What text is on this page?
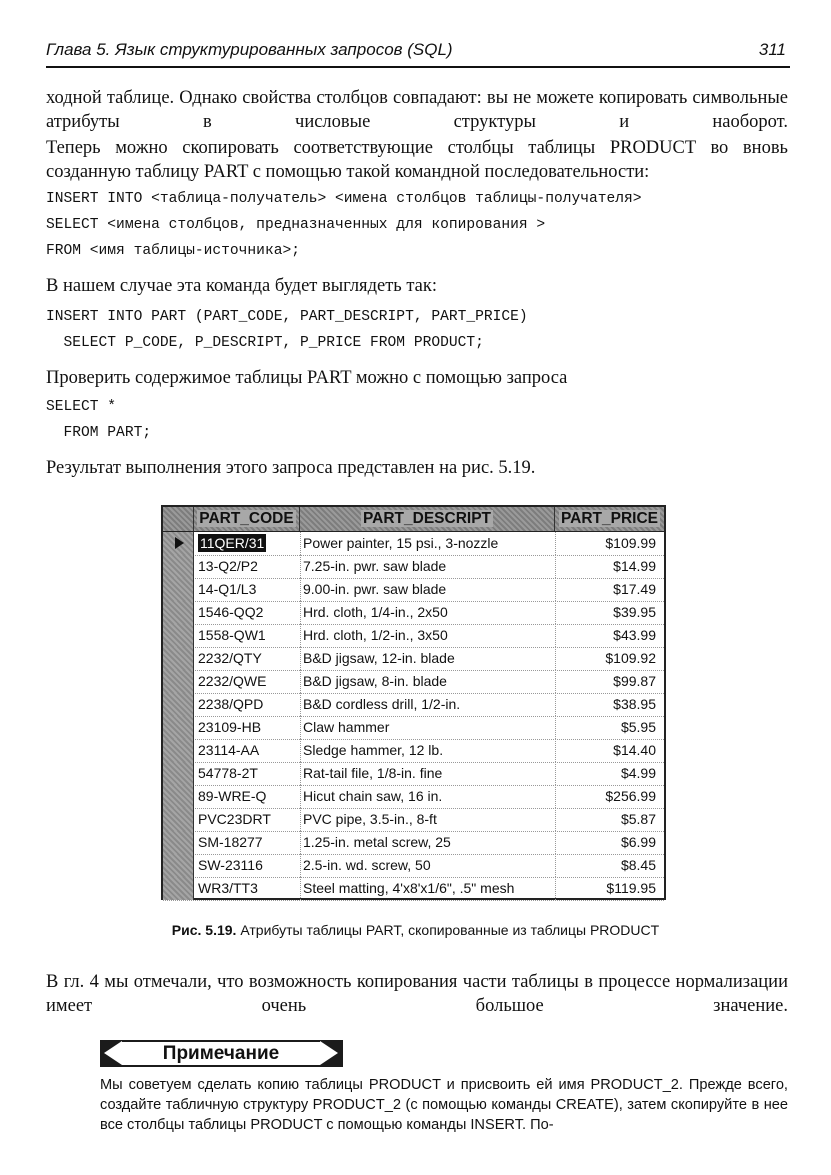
Глава 5. Язык структурированных запросов (SQL)	311
ходной таблице. Однако свойства столбцов совпадают: вы не можете копировать символьные атрибуты в числовые структуры и наоборот.
Теперь можно скопировать соответствующие столбцы таблицы PRODUCT во вновь созданную таблицу PART с помощью такой командной последовательности:
INSERT INTO <таблица-получатель> <имена столбцов таблицы-получателя>
SELECT <имена столбцов, предназначенных для копирования >
FROM <имя таблицы-источника>;
В нашем случае эта команда будет выглядеть так:
INSERT INTO PART (PART_CODE, PART_DESCRIPT, PART_PRICE)
SELECT P_CODE, P_DESCRIPT, P_PRICE FROM PRODUCT;
Проверить содержимое таблицы PART можно с помощью запроса
SELECT *
FROM PART;
Результат выполнения этого запроса представлен на рис. 5.19.
PART_CODE	PART_DESCRIPT	PART_PRICE
11QER/31	Power painter, 15 psi., 3-nozzle	$109.99
13-Q2/P2	7.25-in. pwr. saw blade	$14.99
14-Q1/L3	9.00-in. pwr. saw blade	$17.49
1546-QQ2	Hrd. cloth, 1/4-in., 2x50	$39.95
1558-QW1	Hrd. cloth, 1/2-in., 3x50	$43.99
2232/QTY	B&D jigsaw, 12-in. blade	$109.92
2232/QWE	B&D jigsaw, 8-in. blade	$99.87
2238/QPD	B&D cordless drill, 1/2-in.	$38.95
23109-HB	Claw hammer	$5.95
23114-AA	Sledge hammer, 12 lb.	$14.40
54778-2T	Rat-tail file, 1/8-in. fine	$4.99
89-WRE-Q	Hicut chain saw, 16 in.	$256.99
PVC23DRT	PVC pipe, 3.5-in., 8-ft	$5.87
SM-18277	1.25-in. metal screw, 25	$6.99
SW-23116	2.5-in. wd. screw, 50	$8.45
WR3/TT3	Steel matting, 4'x8'x1/6", .5" mesh	$119.95
Рис. 5.19. Атрибуты таблицы PART, скопированные из таблицы PRODUCT
В гл. 4 мы отмечали, что возможность копирования части таблицы в процессе нормализации имеет очень большое значение.
Примечание
Мы советуем сделать копию таблицы PRODUCT и присвоить ей имя PRODUCT_2. Прежде всего, создайте табличную структуру PRODUCT_2 (с помощью команды CREATE), затем скопируйте в нее все столбцы таблицы PRODUCT с помощью команды INSERT. По-
